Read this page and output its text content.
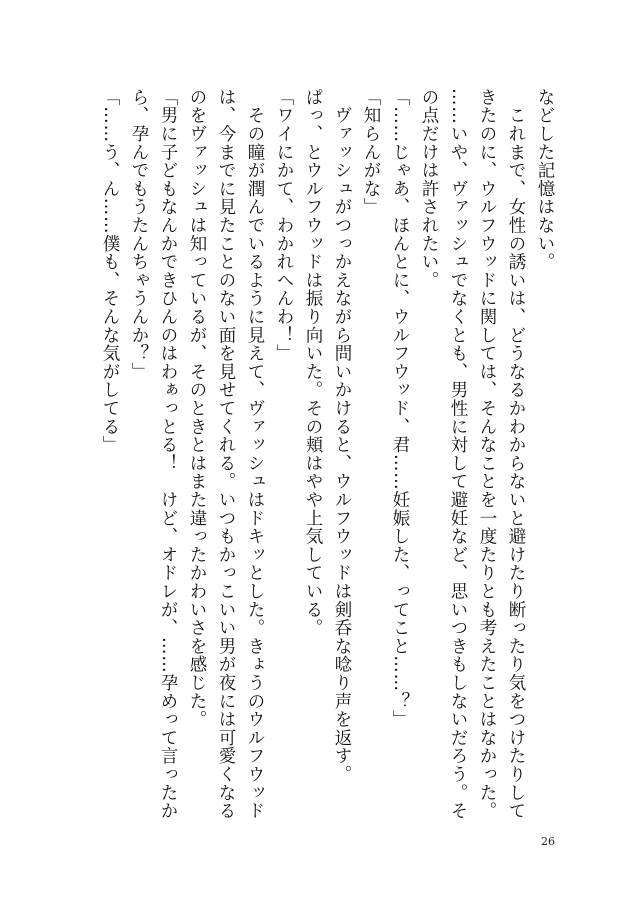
などした記憶はない。
　これまで、女性の誘いは、どうなるかわからないと避けたり断ったり気をつけたりして
きたのに、ウルフウッドに関しては、そんなことを一度たりとも考えたことはなかった。
……いや、ヴァッシュでなくとも、男性に対して避妊など、思いつきもしないだろう。そ
の点だけは許されたい。
「……じゃあ、ほんとに、ウルフウッド、君……妊娠した、ってこと……？」
「知らんがな」
　ヴァッシュがつっかえながら問いかけると、ウルフウッドは剣呑な唸り声を返す。
ぱっ、とウルフウッドは振り向いた。その頬はやや上気している。
「ワイにかて、わかれへんわ！」
　その瞳が潤んでいるように見えて、ヴァッシュはドキッとした。きょうのウルフウッド
は、今までに見たことのない面を見せてくれる。いつもかっこいい男が夜には可愛くなる
のをヴァッシュは知っているが、そのときとはまた違ったかわいさを感じた。
「男に子どもなんかできひんのはわぁっとる！　けど、オドレが、……孕めって言ったか
ら、孕んでもうたんちゃうんか？」
「……う、ん……僕も、そんな気がしてる」
26
